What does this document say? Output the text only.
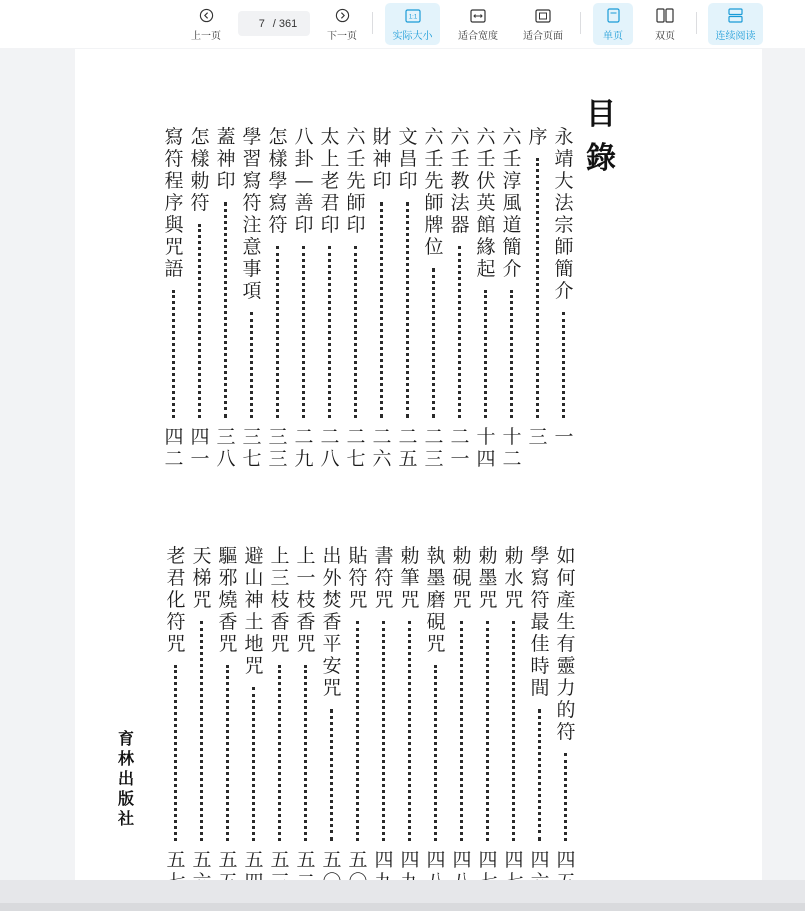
上一页
7
/ 361
下一页
1:1
实际大小	适合宽度	适合页面	单页	双页	连续阅读
目錄
永靖大法宗師簡介
一
序
三
六壬淳風道簡介
十二
六壬伏英館緣起
十四
六壬教法器
二一
六壬先師牌位
二三
文昌印
二五
財神印
二六
六壬先師印
二七
太上老君印
二八
八卦—善印
二九
怎樣學寫符
三三
學習寫符注意事項
三七
蓋神印
三八
怎樣勅符
四一
寫符程序與咒語
四二
如何產生有靈力的符
四
學寫符最佳時間
四
勅水咒
四
勅墨咒
四
勅硯咒
四
執墨磨硯咒
四
勅筆咒
四
書符咒
四
貼符咒
五
出外焚香平安咒
五
上一枝香咒
五
上三枝香咒
五
避山神土地咒
五
驅邪燒香咒
五
天梯咒
五
老君化符咒
五
育林出版社
